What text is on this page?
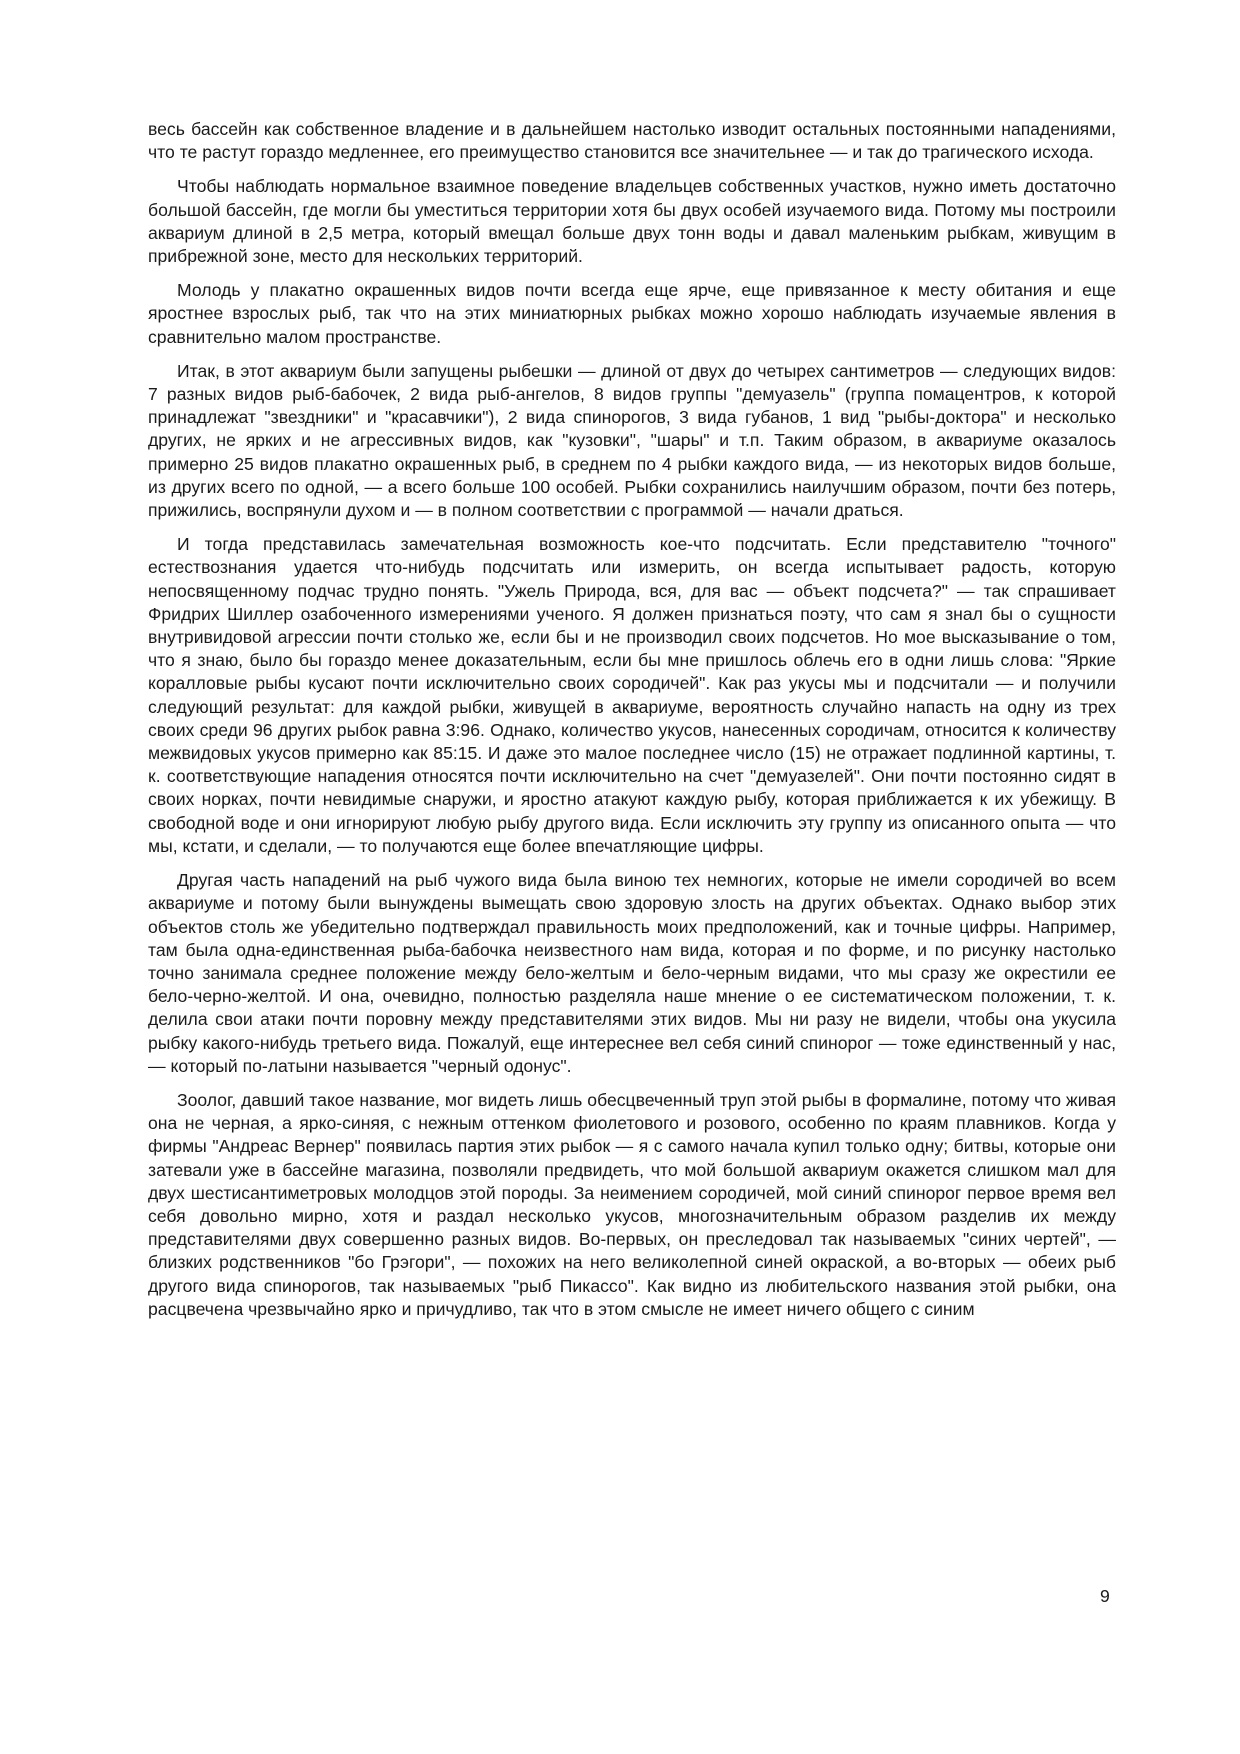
весь бассейн как собственное владение и в дальнейшем настолько изводит остальных постоянными нападениями, что те растут гораздо медленнее, его преимущество становится все значительнее — и так до трагического исхода.

Чтобы наблюдать нормальное взаимное поведение владельцев собственных участков, нужно иметь достаточно большой бассейн, где могли бы уместиться территории хотя бы двух особей изучаемого вида. Потому мы построили аквариум длиной в 2,5 метра, который вмещал больше двух тонн воды и давал маленьким рыбкам, живущим в прибрежной зоне, место для нескольких территорий.

Молодь у плакатно окрашенных видов почти всегда еще ярче, еще привязанное к месту обитания и еще яростнее взрослых рыб, так что на этих миниатюрных рыбках можно хорошо наблюдать изучаемые явления в сравнительно малом пространстве.

Итак, в этот аквариум были запущены рыбешки — длиной от двух до четырех сантиметров — следующих видов: 7 разных видов рыб-бабочек, 2 вида рыб-ангелов, 8 видов группы "демуазель" (группа помацентров, к которой принадлежат "звездники" и "красавчики"), 2 вида спинорогов, 3 вида губанов, 1 вид "рыбы-доктора" и несколько других, не ярких и не агрессивных видов, как "кузовки", "шары" и т.п. Таким образом, в аквариуме оказалось примерно 25 видов плакатно окрашенных рыб, в среднем по 4 рыбки каждого вида, — из некоторых видов больше, из других всего по одной, — а всего больше 100 особей. Рыбки сохранились наилучшим образом, почти без потерь, прижились, воспрянули духом и — в полном соответствии с программой — начали драться.

И тогда представилась замечательная возможность кое-что подсчитать. Если представителю "точного" естествознания удается что-нибудь подсчитать или измерить, он всегда испытывает радость, которую непосвященному подчас трудно понять. "Ужель Природа, вся, для вас — объект подсчета?" — так спрашивает Фридрих Шиллер озабоченного измерениями ученого. Я должен признаться поэту, что сам я знал бы о сущности внутривидовой агрессии почти столько же, если бы и не производил своих подсчетов. Но мое высказывание о том, что я знаю, было бы гораздо менее доказательным, если бы мне пришлось облечь его в одни лишь слова: "Яркие коралловые рыбы кусают почти исключительно своих сородичей". Как раз укусы мы и подсчитали — и получили следующий результат: для каждой рыбки, живущей в аквариуме, вероятность случайно напасть на одну из трех своих среди 96 других рыбок равна 3:96. Однако, количество укусов, нанесенных сородичам, относится к количеству межвидовых укусов примерно как 85:15. И даже это малое последнее число (15) не отражает подлинной картины, т. к. соответствующие нападения относятся почти исключительно на счет "демуазелей". Они почти постоянно сидят в своих норках, почти невидимые снаружи, и яростно атакуют каждую рыбу, которая приближается к их убежищу. В свободной воде и они игнорируют любую рыбу другого вида. Если исключить эту группу из описанного опыта — что мы, кстати, и сделали, — то получаются еще более впечатляющие цифры.

Другая часть нападений на рыб чужого вида была виною тех немногих, которые не имели сородичей во всем аквариуме и потому были вынуждены вымещать свою здоровую злость на других объектах. Однако выбор этих объектов столь же убедительно подтверждал правильность моих предположений, как и точные цифры. Например, там была одна-единственная рыба-бабочка неизвестного нам вида, которая и по форме, и по рисунку настолько точно занимала среднее положение между бело-желтым и бело-черным видами, что мы сразу же окрестили ее бело-черно-желтой. И она, очевидно, полностью разделяла наше мнение о ее систематическом положении, т. к. делила свои атаки почти поровну между представителями этих видов. Мы ни разу не видели, чтобы она укусила рыбку какого-нибудь третьего вида. Пожалуй, еще интереснее вел себя синий спинорог — тоже единственный у нас, — который по-латыни называется "черный одонус".

Зоолог, давший такое название, мог видеть лишь обесцвеченный труп этой рыбы в формалине, потому что живая она не черная, а ярко-синяя, с нежным оттенком фиолетового и розового, особенно по краям плавников. Когда у фирмы "Андреас Вернер" появилась партия этих рыбок — я с самого начала купил только одну; битвы, которые они затевали уже в бассейне магазина, позволяли предвидеть, что мой большой аквариум окажется слишком мал для двух шестисантиметровых молодцов этой породы. За неимением сородичей, мой синий спинорог первое время вел себя довольно мирно, хотя и раздал несколько укусов, многозначительным образом разделив их между представителями двух совершенно разных видов. Во-первых, он преследовал так называемых "синих чертей", — близких родственников "бо Грэгори", — похожих на него великолепной синей окраской, а во-вторых — обеих рыб другого вида спинорогов, так называемых "рыб Пикассо". Как видно из любительского названия этой рыбки, она расцвечена чрезвычайно ярко и причудливо, так что в этом смысле не имеет ничего общего с синим

9
